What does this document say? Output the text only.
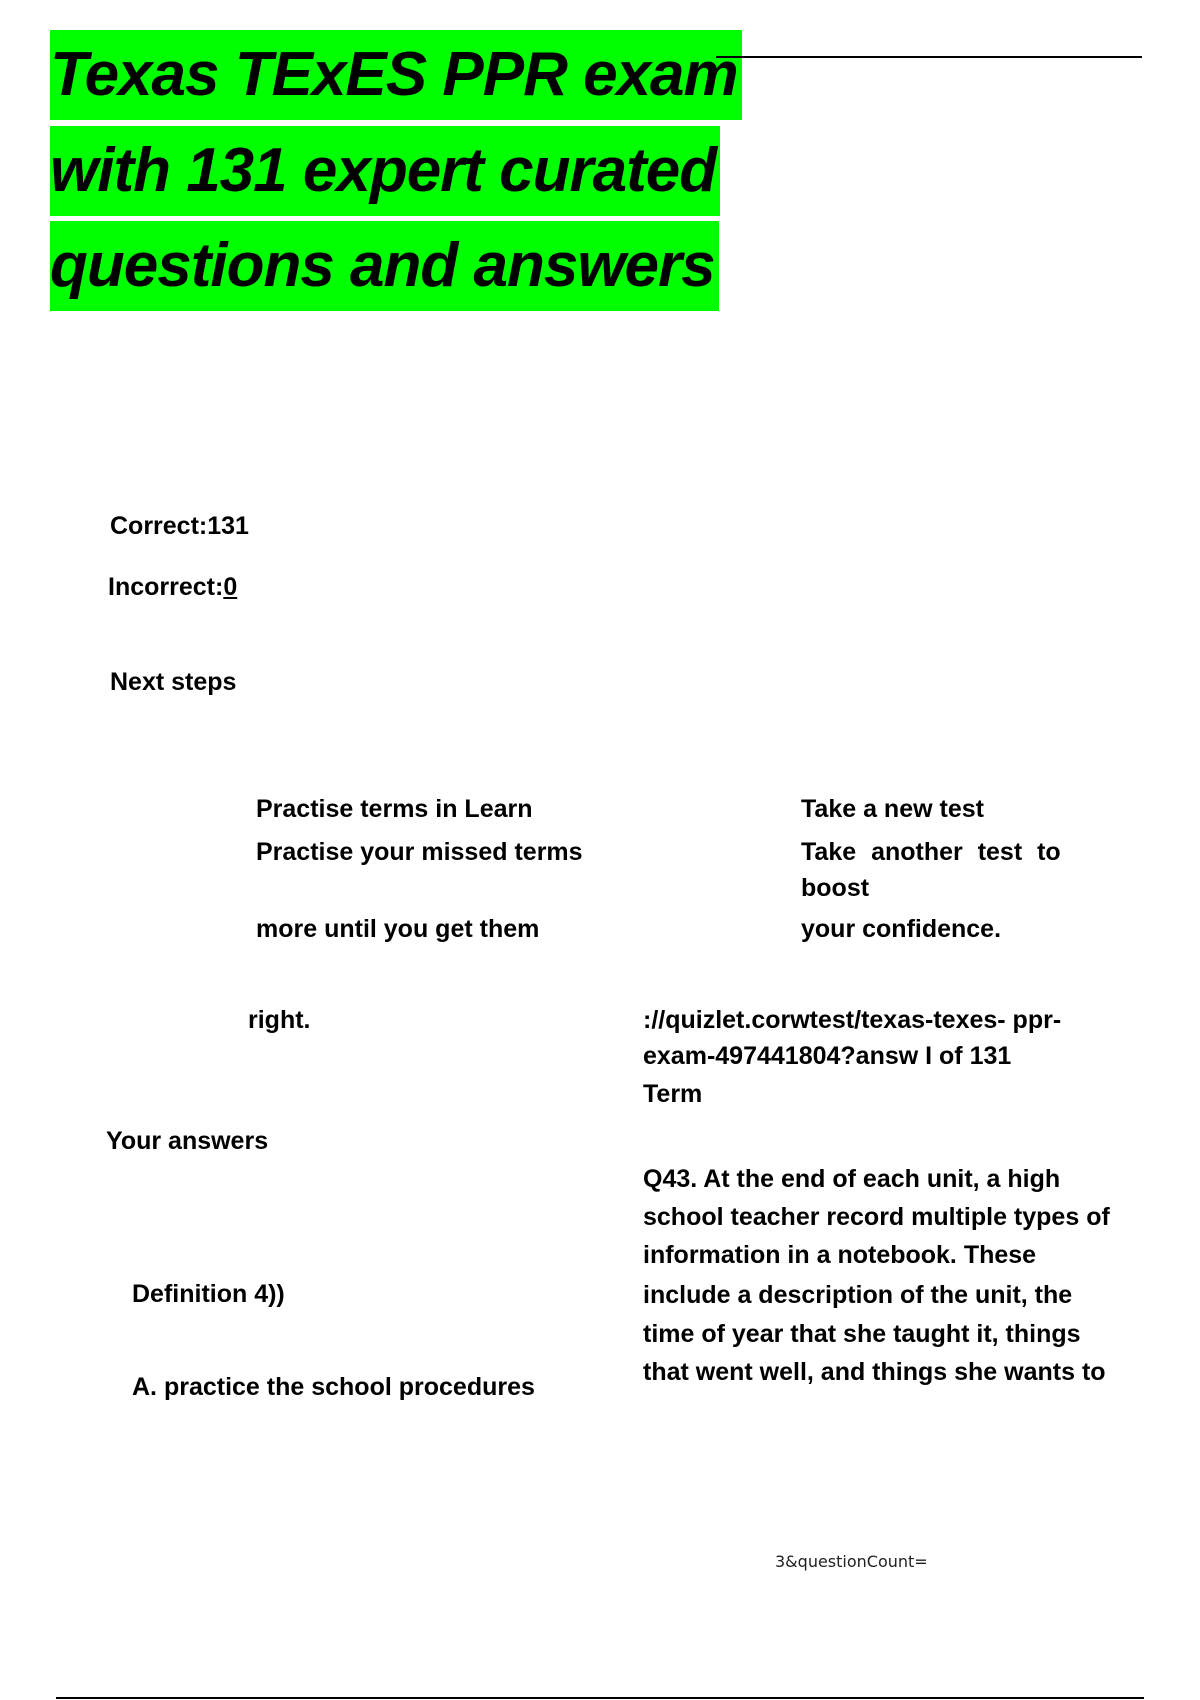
Texas TExES PPR exam
with 131 expert curated
questions and answers
Correct:131
Incorrect:0
Next steps
Practise terms in Learn
Practise your missed terms
more until you get them
right.
Take a new test
Take another test to
boost
your confidence.
://quizlet.corwtest/texas-texes- ppr-
exam-497441804?answ I of 131
Term
Your answers
Definition 4))
A. practice the school procedures
Q43. At the end of each unit, a high
school teacher record multiple types of
information in a notebook. These
include a description of the unit, the
time of year that she taught it, things
that went well, and things she wants to
3&questionCount=
